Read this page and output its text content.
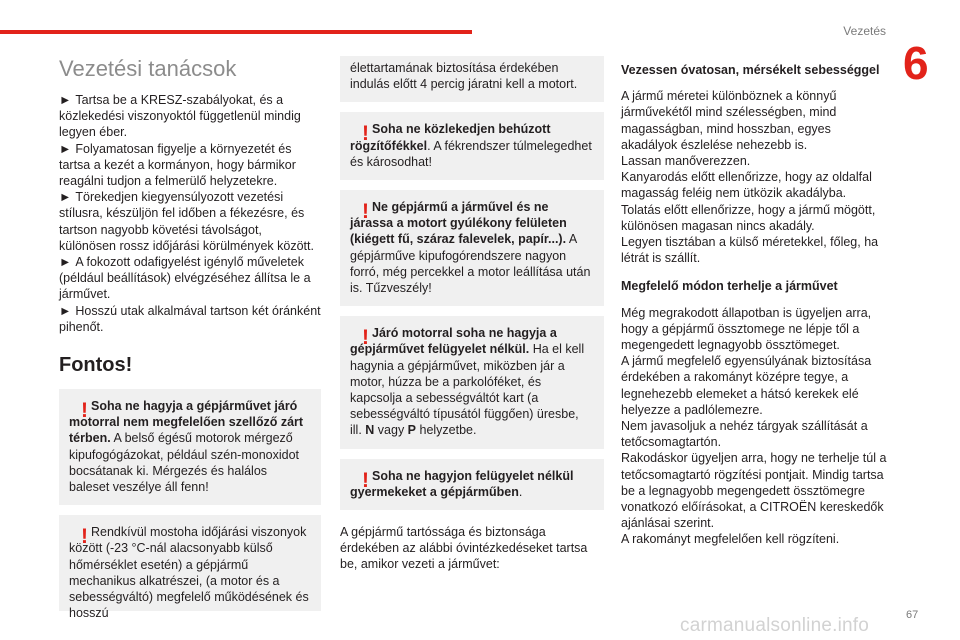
Vezetés
6
Vezetési tanácsok

► Tartsa be a KRESZ-szabályokat, és a közlekedési viszonyoktól függetlenül mindig legyen éber.

► Folyamatosan figyelje a környezetét és tartsa a kezét a kormányon, hogy bármikor reagálni tudjon a felmerülő helyzetekre.

► Törekedjen kiegyensúlyozott vezetési stílusra, készüljön fel időben a fékezésre, és tartson nagyobb követési távolságot, különösen rossz időjárási körülmények között.

► A fokozott odafigyelést igénylő műveletek (például beállítások) elvégzéséhez állítsa le a járművet.

► Hosszú utak alkalmával tartson két óránként pihenőt.

Fontos!
! Soha ne hagyja a gépjárművet járó motorral nem megfelelően szellőző zárt térben. A belső égésű motorok mérgező kipufogógázokat, például szén-monoxidot bocsátanak ki. Mérgezés és halálos baleset veszélye áll fenn!
! Rendkívül mostoha időjárási viszonyok között (-23 °C-nál alacsonyabb külső hőmérséklet esetén) a gépjármű mechanikus alkatrészei, (a motor és a sebességváltó) megfelelő működésének és hosszú
élettartamának biztosítása érdekében indulás előtt 4 percig járatni kell a motort.
! Soha ne közlekedjen behúzott rögzítőfékkel. A fékrendszer túlmelegedhet és károsodhat!
! Ne gépjármű a járművel és ne járassa a motort gyúlékony felületen (kiégett fű, száraz falevelek, papír...). A gépjárműve kipufogórendszere nagyon forró, még percekkel a motor leállítása után is. Tűzveszély!
! Járó motorral soha ne hagyja a gépjárművet felügyelet nélkül. Ha el kell hagynia a gépjárművet, miközben jár a motor, húzza be a parkolóféket, és kapcsolja a sebességváltót kart (a sebességváltó típusától függően) üresbe, ill. N vagy P helyzetbe.
! Soha ne hagyjon felügyelet nélkül gyermekeket a gépjárműben.

A gépjármű tartóssága és biztonsága érdekében az alábbi óvintézkedéseket tartsa be, amikor vezeti a járművet:

Vezessen óvatosan, mérsékelt sebességgel

A jármű méretei különböznek a könnyű járművekétől mind szélességben, mind magasságban, mind hosszban, egyes akadályok észlelése nehezebb is.

Lassan manőverezzen.

Kanyarodás előtt ellenőrizze, hogy az oldalfal magasság feléig nem ütközik akadályba.

Tolatás előtt ellenőrizze, hogy a jármű mögött, különösen magasan nincs akadály.

Legyen tisztában a külső méretekkel, főleg, ha létrát is szállít.

Megfelelő módon terhelje a járművet

Még megrakodott állapotban is ügyeljen arra, hogy a gépjármű össztomege ne lépje től a megengedett legnagyobb össztömeget.

A jármű megfelelő egyensúlyának biztosítása érdekében a rakományt középre tegye, a legnehezebb elemeket a hátsó kerekek elé helyezze a padlólemezre.

Nem javasoljuk a nehéz tárgyak szállítását a tetőcsomagtartón.

Rakodáskor ügyeljen arra, hogy ne terhelje túl a tetőcsomagtartó rögzítési pontjait. Mindig tartsa be a legnagyobb megengedett össztömegre vonatkozó előírásokat, a CITROËN kereskedők ajánlásai szerint.

A rakományt megfelelően kell rögzíteni.

carmanualsonline.info	67
